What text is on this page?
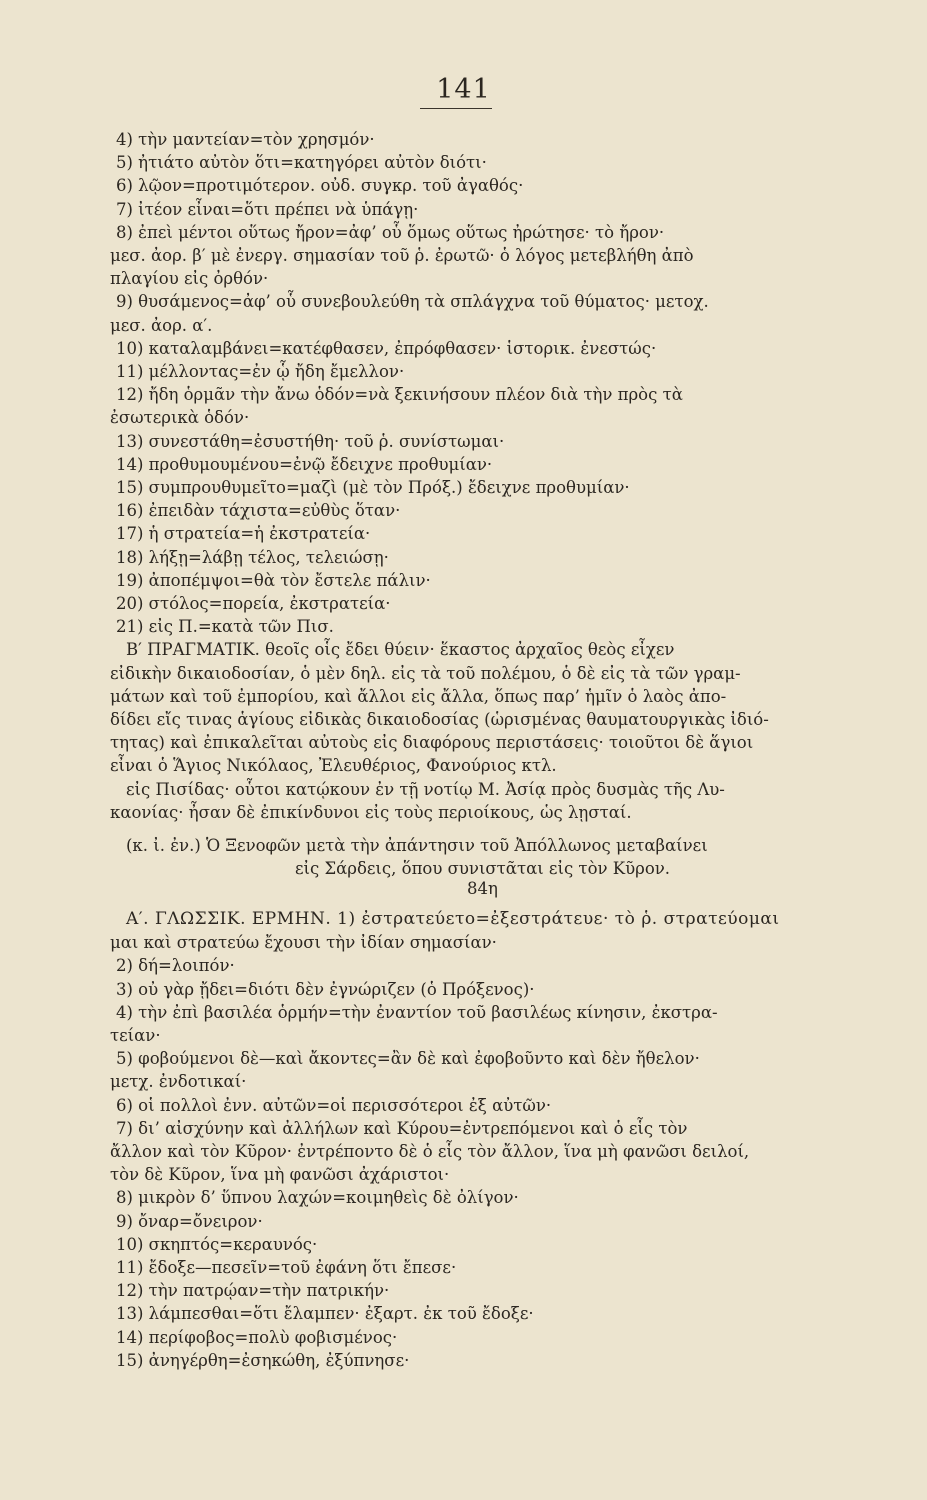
141
4) τὴν μαντείαν=τὸν χρησμόν·
5) ἠτιάτο αὐτὸν ὅτι=κατηγόρει αὐτὸν διότι·
6) λῷον=προτιμότερον. οὐδ. συγκρ. τοῦ ἀγαθός·
7) ἰτέον εἶναι=ὅτι πρέπει νὰ ὑπάγῃ·
8) ἐπεὶ μέντοι οὕτως ἤρον=ἀφ’ οὗ ὅμως οὕτως ἠρώτησε· τὸ ἤρον·
μεσ. ἀορ. β′ μὲ ἐνεργ. σημασίαν τοῦ ῥ. ἐρωτῶ· ὁ λόγος μετεβλήθη ἀπὸ
πλαγίου εἰς ὀρθόν·
9) θυσάμενος=ἀφ’ οὗ συνεβουλεύθη τὰ σπλάγχνα τοῦ θύματος· μετοχ.
μεσ. ἀορ. α′.
10) καταλαμβάνει=κατέφθασεν, ἐπρόφθασεν· ἱστορικ. ἐνεστώς·
11) μέλλοντας=ἐν ᾧ ἤδη ἔμελλον·
12) ἤδη ὁρμᾶν τὴν ἄνω ὁδόν=νὰ ξεκινήσουν πλέον διὰ τὴν πρὸς τὰ
ἐσωτερικὰ ὁδόν·
13) συνεστάθη=ἐσυστήθη· τοῦ ῥ. συνίστωμαι·
14) προθυμουμένου=ἐνῷ ἔδειχνε προθυμίαν·
15) συμπρουθυμεῖτο=μαζὶ (μὲ τὸν Πρόξ.) ἔδειχνε προθυμίαν·
16) ἐπειδὰν τάχιστα=εὐθὺς ὅταν·
17) ἡ στρατεία=ἡ ἐκστρατεία·
18) λήξῃ=λάβῃ τέλος, τελειώσῃ·
19) ἀποπέμψοι=θὰ τὸν ἔστελε πάλιν·
20) στόλος=πορεία, ἐκστρατεία·
21) εἰς Π.=κατὰ τῶν Πισ.
Β′ ΠΡΑΓΜΑΤΙΚ. θεοῖς οἷς ἔδει θύειν· ἕκαστος ἀρχαῖος θεὸς εἶχεν
εἰδικὴν δικαιοδοσίαν, ὁ μὲν δηλ. εἰς τὰ τοῦ πολέμου, ὁ δὲ εἰς τὰ τῶν γραμ-
μάτων καὶ τοῦ ἐμπορίου, καὶ ἄλλοι εἰς ἄλλα, ὅπως παρ’ ἡμῖν ὁ λαὸς ἀπο-
δίδει εἴς τινας ἁγίους εἰδικὰς δικαιοδοσίας (ὡρισμένας θαυματουργικὰς ἰδιό-
τητας) καὶ ἐπικαλεῖται αὐτοὺς εἰς διαφόρους περιστάσεις· τοιοῦτοι δὲ ἅγιοι
εἶναι ὁ Ἅγιος Νικόλαος, Ἐλευθέριος, Φανούριος κτλ.
εἰς Πισίδας· οὗτοι κατῴκουν ἐν τῇ νοτίῳ Μ. Ἀσίᾳ πρὸς δυσμὰς τῆς Λυ-
καονίας· ἦσαν δὲ ἐπικίνδυνοι εἰς τοὺς περιοίκους, ὡς λῃσταί.
(κ. ἰ. ἐν.) Ὁ Ξενοφῶν μετὰ τὴν ἀπάντησιν τοῦ Ἀπόλλωνος μεταβαίνει
εἰς Σάρδεις, ὅπου συνιστᾶται εἰς τὸν Κῦρον.
84η
Α′. ΓΛΩΣΣΙΚ. ΕΡΜΗΝ. 1) ἐστρατεύετο=ἐξεστράτευε· τὸ ῥ. στρατεύομαι
μαι καὶ στρατεύω ἔχουσι τὴν ἰδίαν σημασίαν·
2) δή=λοιπόν·
3) οὐ γὰρ ᾔδει=διότι δὲν ἐγνώριζεν (ὁ Πρόξενος)·
4) τὴν ἐπὶ βασιλέα ὁρμήν=τὴν ἐναντίον τοῦ βασιλέως κίνησιν, ἐκστρα-
τείαν·
5) φοβούμενοι δὲ—καὶ ἄκοντες=ἂν δὲ καὶ ἐφοβοῦντο καὶ δὲν ἤθελον·
μετχ. ἐνδοτικαί·
6) οἱ πολλοὶ ἐνν. αὐτῶν=οἱ περισσότεροι ἐξ αὐτῶν·
7) δι’ αἰσχύνην καὶ ἀλλήλων καὶ Κύρου=ἐντρεπόμενοι καὶ ὁ εἷς τὸν
ἄλλον καὶ τὸν Κῦρον· ἐντρέποντο δὲ ὁ εἷς τὸν ἄλλον, ἵνα μὴ φανῶσι δειλοί,
τὸν δὲ Κῦρον, ἵνα μὴ φανῶσι ἀχάριστοι·
8) μικρὸν δ’ ὕπνου λαχών=κοιμηθεὶς δὲ ὀλίγον·
9) ὄναρ=ὄνειρον·
10) σκηπτός=κεραυνός·
11) ἔδοξε—πεσεῖν=τοῦ ἐφάνη ὅτι ἔπεσε·
12) τὴν πατρῴαν=τὴν πατρικήν·
13) λάμπεσθαι=ὅτι ἔλαμπεν· ἐξαρτ. ἐκ τοῦ ἔδοξε·
14) περίφοβος=πολὺ φοβισμένος·
15) ἀνηγέρθη=ἐσηκώθη, ἐξύπνησε·
